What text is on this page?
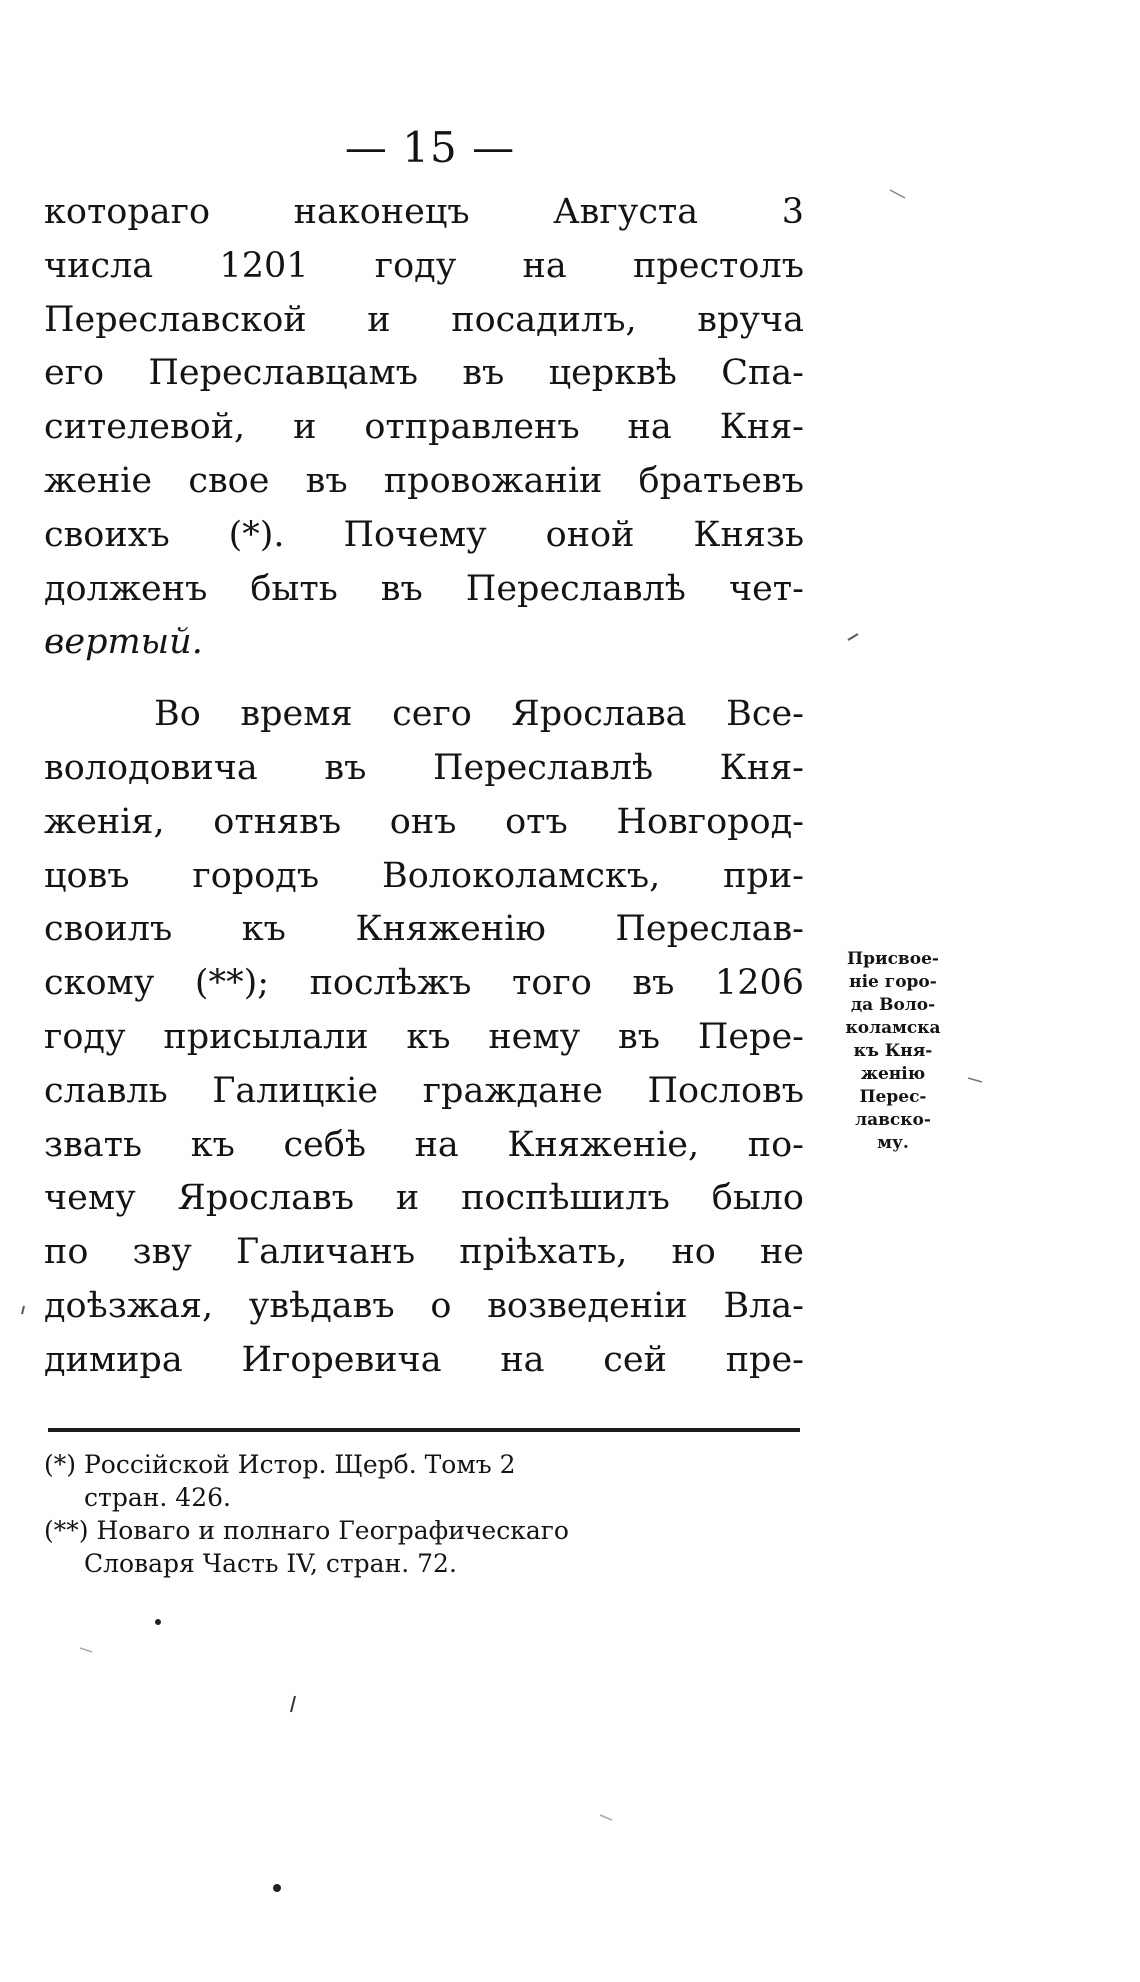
— 15 —
котораго наконецъ Августа 3
числа 1201 году на престолъ
Переславской и посадилъ, вруча
его Переславцамъ въ церквѣ Спа-
сителевой, и отправленъ на Кня-
женіе свое въ провожаніи братьевъ
своихъ (*). Почему оной Князь
долженъ быть въ Переславлѣ чет-
вертый.
Во время сего Ярослава Все-
володовича въ Переславлѣ Кня-
женія, отнявъ онъ отъ Новгород-
цовъ городъ Волоколамскъ, при-
своилъ къ Княженію Переслав-
скому (**); послѣжъ того въ 1206
году присылали къ нему въ Пере-
славль Галицкіе граждане Пословъ
звать къ себѣ на Княженіе, по-
чему Ярославъ и поспѣшилъ было
по зву Галичанъ пріѣхать, но не
доѣзжая, увѣдавъ о возведеніи Вла-
димира Игоревича на сей пре-
Присвое-
ніе горо-
да Воло-
коламска
къ Кня-
женію
Перес-
лавско-
му.
(*) Россійской Истор. Щерб. Томъ 2
стран. 426.
(**) Новаго и полнаго Географическаго
Словаря Часть IV, стран. 72.
